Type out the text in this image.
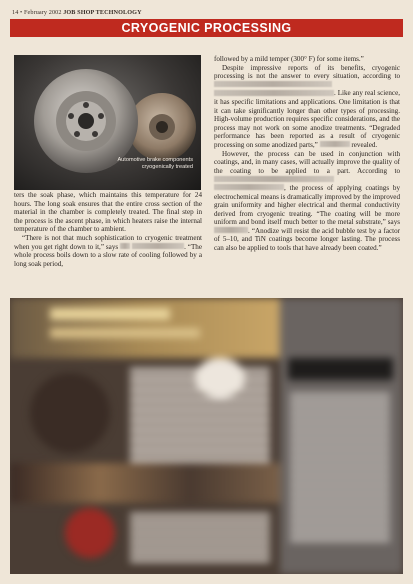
14 • February 2002 JOB SHOP TECHNOLOGY
CRYOGENIC PROCESSING
Automotive brake components cryogenically treated

ters the soak phase, which maintains this temperature for 24 hours. The long soak ensures that the entire cross section of the material in the chamber is completely treated. The final step in the process is the ascent phase, in which heaters raise the internal temperature of the chamber to ambient.

“There is not that much sophistication to cryogenic treatment when you get right down to it,” says	. “The whole process boils down to a slow rate of cooling followed by a long soak period,

followed by a mild temper (300° F) for some items.”

Despite impressive reports of its benefits, cryogenic processing is not the answer to every situation, according to  . Like any real science, it has specific limitations and applications. One limitation is that it can take significantly longer than other types of processing. High-volume production requires specific considerations, and the process may not work on some anodize treatments. “Degraded performance has been reported as a result of cryogenic processing on some anodized parts,”	revealed.

However, the process can be used in conjunction with coatings, and, in many cases, will actually improve the quality of the coating to be applied to a part. According to  , the process of applying coatings by electrochemical means is dramatically improved by the improved grain uniformity and higher electrical and thermal conductivity derived from cryogenic treating. “The coating will be more uniform and bond itself much better to the metal substrate,” says . “Anodize will resist the acid bubble test by a factor of 5–10, and TiN coatings become longer lasting. The process can also be applied to tools that have already been coated.”
